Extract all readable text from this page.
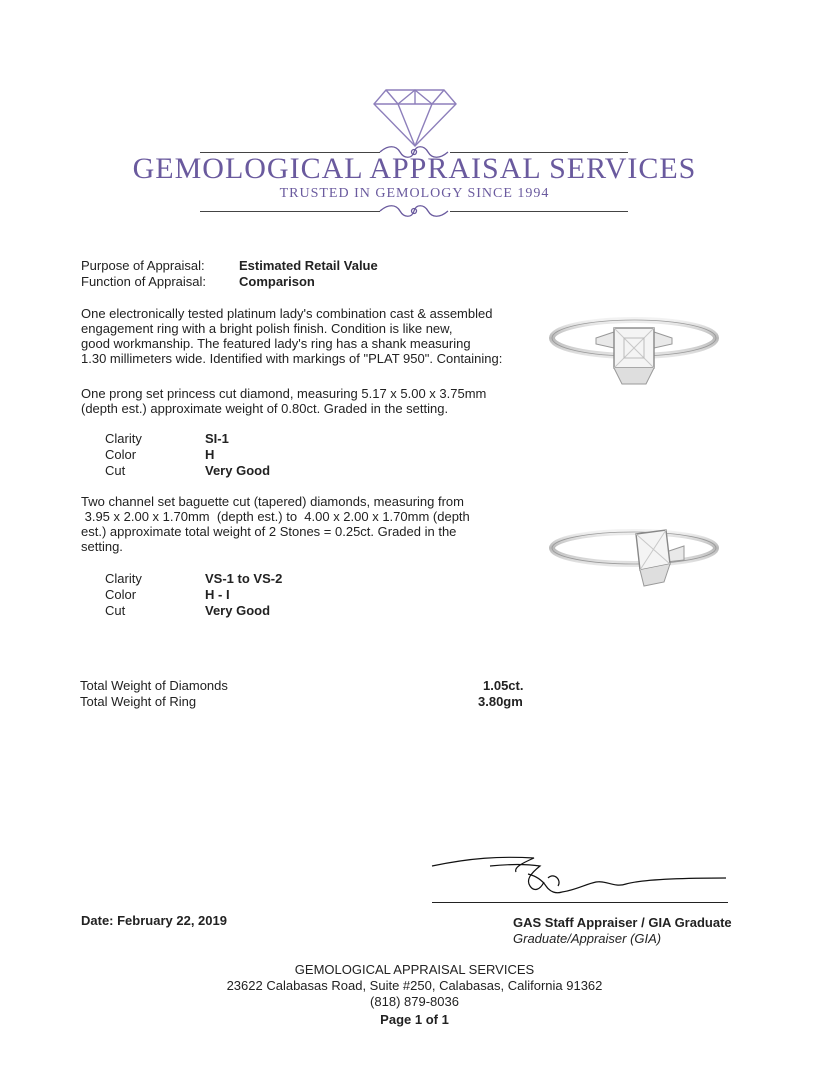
GEMOLOGICAL APPRAISAL SERVICES
TRUSTED IN GEMOLOGY SINCE 1994
Purpose of Appraisal:	Estimated Retail Value
Function of Appraisal:	Comparison
One electronically tested platinum lady's combination cast & assembled
engagement ring with a bright polish finish. Condition is like new,
good workmanship. The featured lady's ring has a shank measuring
1.30 millimeters wide. Identified with markings of "PLAT 950". Containing:
One prong set princess cut diamond, measuring 5.17 x 5.00 x 3.75mm
(depth est.) approximate weight of 0.80ct. Graded in the setting.
Clarity	SI-1
Color	H
Cut	Very Good
Two channel set baguette cut (tapered) diamonds, measuring from
3.95 x 2.00 x 1.70mm  (depth est.) to  4.00 x 2.00 x 1.70mm (depth
est.) approximate total weight of 2 Stones = 0.25ct. Graded in the
setting.
Clarity	VS-1 to VS-2
Color	H - I
Cut	Very Good
Total Weight of Diamonds	1.05ct.
Total Weight of Ring	3.80gm
Date: February 22, 2019	GAS Staff Appraiser / GIA Graduate
Graduate/Appraiser (GIA)
GEMOLOGICAL APPRAISAL SERVICES
23622 Calabasas Road, Suite #250, Calabasas, California 91362
(818) 879-8036
Page 1 of 1
